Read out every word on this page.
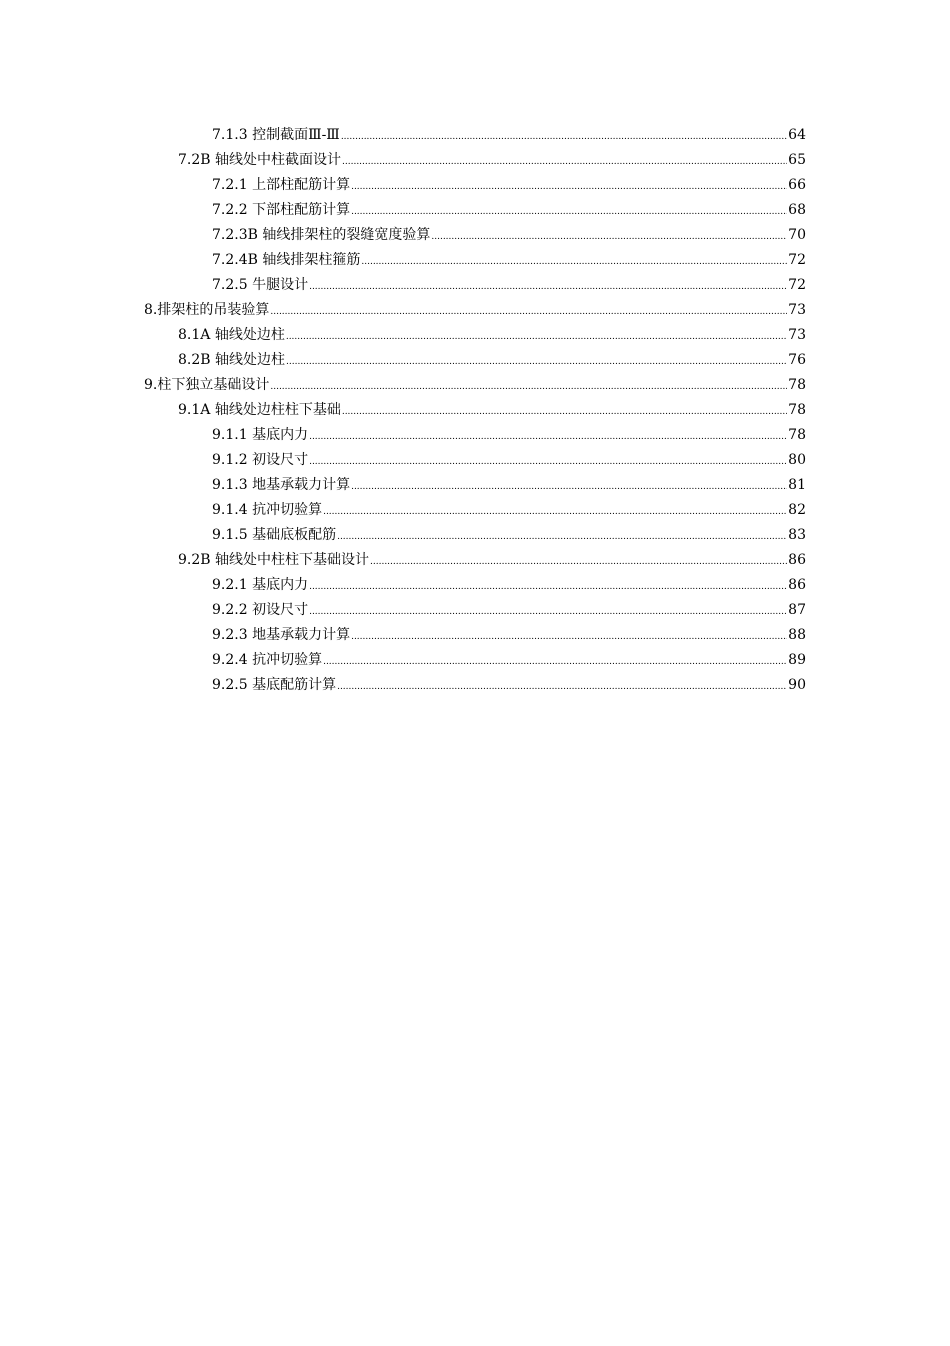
7.1.3 控制截面Ⅲ-Ⅲ .....	64
7.2B 轴线处中柱截面设计 .....	65
7.2.1 上部柱配筋计算 .....	66
7.2.2 下部柱配筋计算 .....	68
7.2.3B 轴线排架柱的裂缝宽度验算 .....	70
7.2.4B 轴线排架柱箍筋 .....	72
7.2.5 牛腿设计 .....	72
8.排架柱的吊装验算 .....	73
8.1A 轴线处边柱 .....	73
8.2B 轴线处边柱 .....	76
9.柱下独立基础设计 .....	78
9.1A 轴线处边柱柱下基础 .....	78
9.1.1 基底内力 .....	78
9.1.2 初设尺寸 .....	80
9.1.3 地基承载力计算 .....	81
9.1.4 抗冲切验算 .....	82
9.1.5 基础底板配筋 .....	83
9.2B 轴线处中柱柱下基础设计 .....	86
9.2.1 基底内力 .....	86
9.2.2 初设尺寸 .....	87
9.2.3 地基承载力计算 .....	88
9.2.4 抗冲切验算 .....	89
9.2.5 基底配筋计算 .....	90
